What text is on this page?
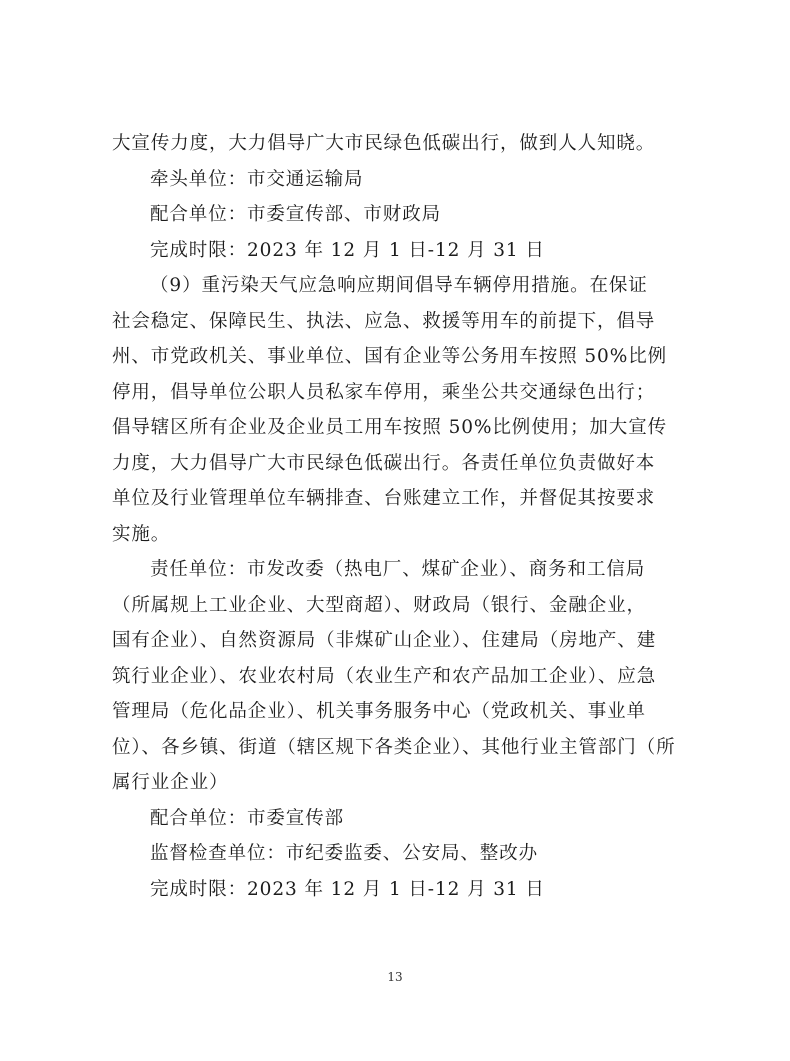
大宣传力度，大力倡导广大市民绿色低碳出行，做到人人知晓。
牵头单位：市交通运输局
配合单位：市委宣传部、市财政局
完成时限：2023 年 12 月 1 日-12 月 31 日
（9）重污染天气应急响应期间倡导车辆停用措施。在保证
社会稳定、保障民生、执法、应急、救援等用车的前提下，倡导
州、市党政机关、事业单位、国有企业等公务用车按照 50%比例
停用，倡导单位公职人员私家车停用，乘坐公共交通绿色出行；
倡导辖区所有企业及企业员工用车按照 50%比例使用；加大宣传
力度，大力倡导广大市民绿色低碳出行。各责任单位负责做好本
单位及行业管理单位车辆排查、台账建立工作，并督促其按要求
实施。
责任单位：市发改委（热电厂、煤矿企业）、商务和工信局
（所属规上工业企业、大型商超）、财政局（银行、金融企业，
国有企业）、自然资源局（非煤矿山企业）、住建局（房地产、建
筑行业企业）、农业农村局（农业生产和农产品加工企业）、应急
管理局（危化品企业）、机关事务服务中心（党政机关、事业单
位）、各乡镇、街道（辖区规下各类企业）、其他行业主管部门（所
属行业企业）
配合单位：市委宣传部
监督检查单位：市纪委监委、公安局、整改办
完成时限：2023 年 12 月 1 日-12 月 31 日
13
